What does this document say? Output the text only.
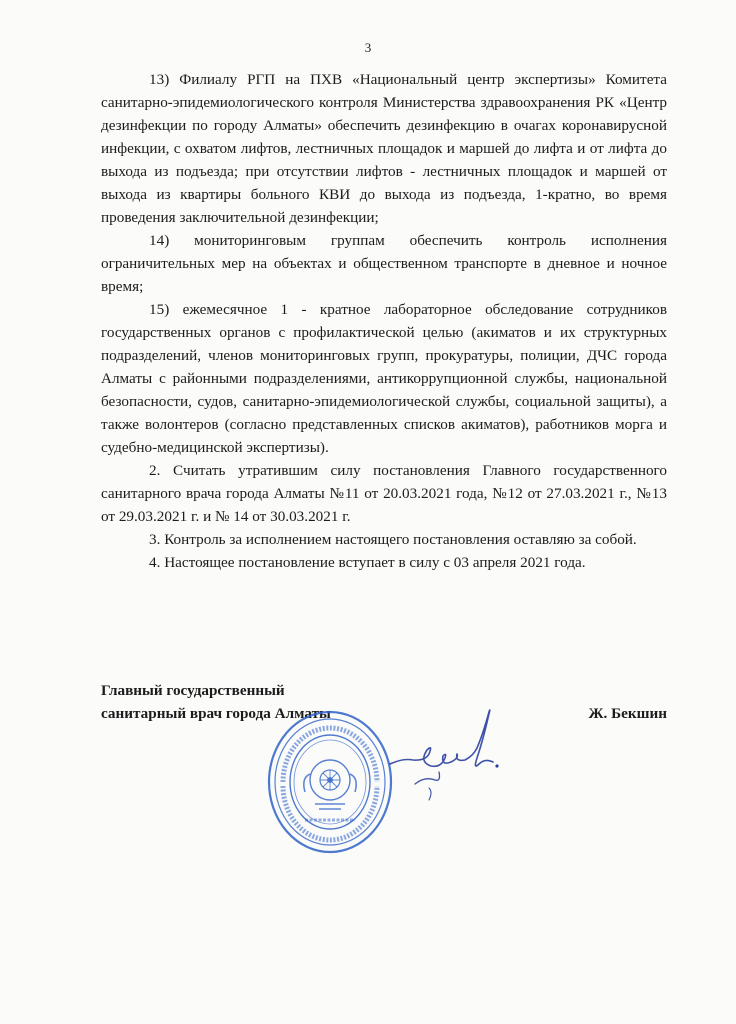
3

13) Филиалу РГП на ПХВ «Национальный центр экспертизы» Комитета санитарно-эпидемиологического контроля Министерства здравоохранения РК «Центр дезинфекции по городу Алматы» обеспечить дезинфекцию в очагах коронавирусной инфекции, с охватом лифтов, лестничных площадок и маршей до лифта и от лифта до выхода из подъезда; при отсутствии лифтов - лестничных площадок и маршей от выхода из квартиры больного КВИ до выхода из подъезда, 1-кратно, во время проведения заключительной дезинфекции;

14) мониторинговым группам обеспечить контроль исполнения ограничительных мер на объектах и общественном транспорте в дневное и ночное время;

15) ежемесячное 1 - кратное лабораторное обследование сотрудников государственных органов с профилактической целью (акиматов и их структурных подразделений, членов мониторинговых групп, прокуратуры, полиции, ДЧС города Алматы с районными подразделениями, антикоррупционной службы, национальной безопасности, судов, санитарно-эпидемиологической службы, социальной защиты), а также волонтеров (согласно представленных списков акиматов), работников морга и судебно-медицинской экспертизы).

2. Считать утратившим силу постановления Главного государственного санитарного врача города Алматы №11 от 20.03.2021 года, №12 от 27.03.2021 г., №13 от 29.03.2021 г. и № 14 от 30.03.2021 г.

3. Контроль за исполнением настоящего постановления оставляю за собой.

4. Настоящее постановление вступает в силу с 03 апреля 2021 года.

Главный государственный
санитарный врач города Алматы	Ж. Бекшин
